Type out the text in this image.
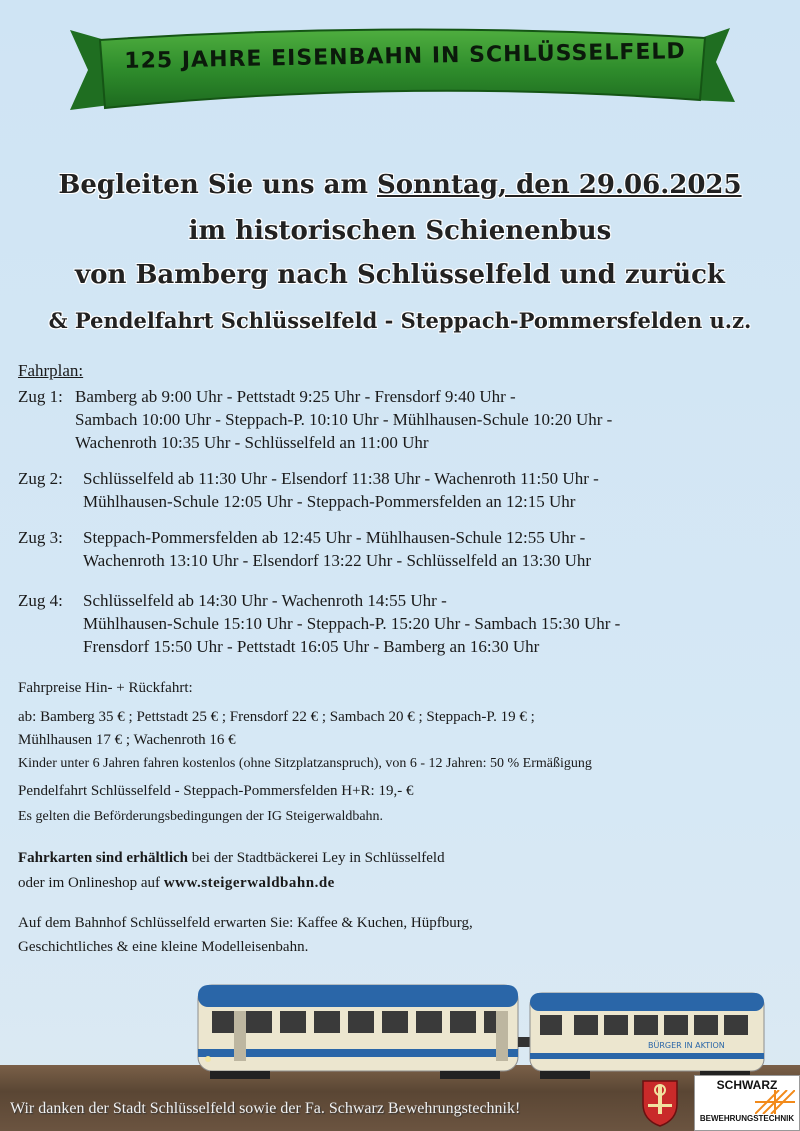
125 JAHRE EISENBAHN IN SCHLÜSSELFELD
Begleiten Sie uns am Sonntag, den 29.06.2025
im historischen Schienenbus
von Bamberg nach Schlüsselfeld und zurück
& Pendelfahrt Schlüsselfeld - Steppach-Pommersfelden u.z.
Fahrplan:
Zug 1: Bamberg ab 9:00 Uhr - Pettstadt 9:25 Uhr - Frensdorf 9:40 Uhr -
Sambach 10:00 Uhr - Steppach-P. 10:10 Uhr - Mühlhausen-Schule 10:20 Uhr -
Wachenroth 10:35 Uhr - Schlüsselfeld an 11:00 Uhr
Zug 2: Schlüsselfeld ab 11:30 Uhr - Elsendorf 11:38 Uhr - Wachenroth 11:50 Uhr -
Mühlhausen-Schule 12:05 Uhr - Steppach-Pommersfelden an 12:15 Uhr
Zug 3: Steppach-Pommersfelden ab 12:45 Uhr - Mühlhausen-Schule 12:55 Uhr -
Wachenroth 13:10 Uhr - Elsendorf 13:22 Uhr - Schlüsselfeld an 13:30 Uhr
Zug 4: Schlüsselfeld ab 14:30 Uhr - Wachenroth 14:55 Uhr -
Mühlhausen-Schule 15:10 Uhr - Steppach-P. 15:20 Uhr - Sambach 15:30 Uhr -
Frensdorf 15:50 Uhr - Pettstadt 16:05 Uhr - Bamberg an 16:30 Uhr
Fahrpreise Hin- + Rückfahrt:
ab: Bamberg 35 € ; Pettstadt 25 € ; Frensdorf 22 € ; Sambach 20 € ; Steppach-P. 19 € ;
Mühlhausen 17 € ; Wachenroth 16 €
Kinder unter 6 Jahren fahren kostenlos (ohne Sitzplatzanspruch), von 6 - 12 Jahren: 50 % Ermäßigung
Pendelfahrt Schlüsselfeld - Steppach-Pommersfelden H+R: 19,- €
Es gelten die Beförderungsbedingungen der IG Steigerwaldbahn.
Fahrkarten sind erhältlich bei der Stadtbäckerei Ley in Schlüsselfeld
oder im Onlineshop auf www.steigerwaldbahn.de
Auf dem Bahnhof Schlüsselfeld erwarten Sie: Kaffee & Kuchen, Hüpfburg,
Geschichtliches & eine kleine Modelleisenbahn.
BÜRGER IN AKTION
Wir danken der Stadt Schlüsselfeld sowie der Fa. Schwarz Bewehrungstechnik!
SCHWARZ
BEWEHRUNGSTECHNIK
